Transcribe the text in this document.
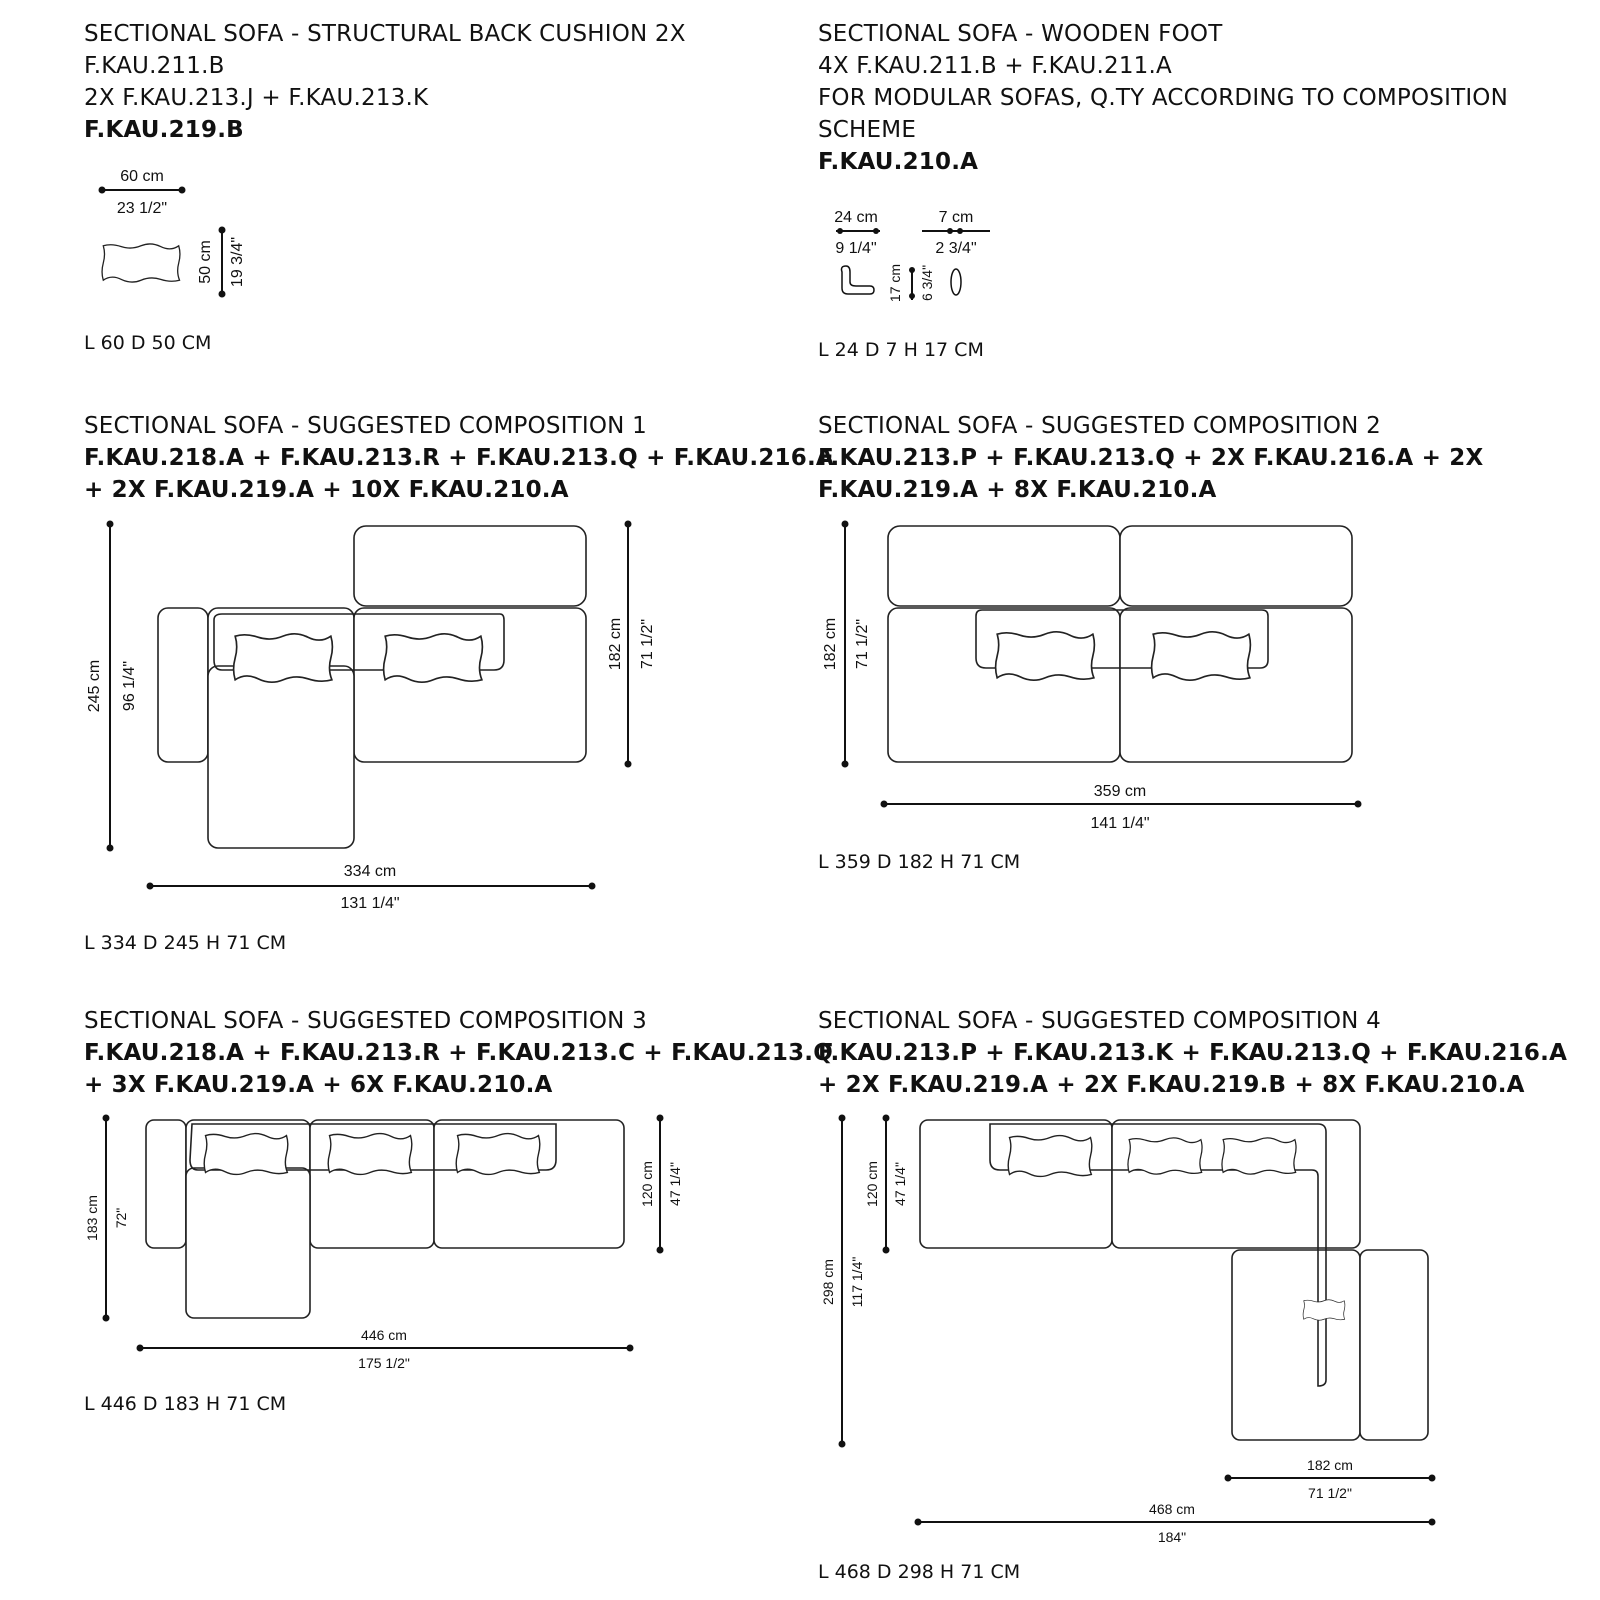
SECTIONAL SOFA - STRUCTURAL BACK CUSHION 2X
F.KAU.211.B
2X F.KAU.213.J + F.KAU.213.K
F.KAU.219.B
L 60 D 50 CM
SECTIONAL SOFA - WOODEN FOOT
4X F.KAU.211.B + F.KAU.211.A
FOR MODULAR SOFAS, Q.TY ACCORDING TO COMPOSITION
SCHEME
F.KAU.210.A
L 24 D 7 H 17 CM
SECTIONAL SOFA - SUGGESTED COMPOSITION 1
F.KAU.218.A + F.KAU.213.R + F.KAU.213.Q + F.KAU.216.A
+ 2X F.KAU.219.A + 10X F.KAU.210.A
L 334 D 245 H 71 CM
SECTIONAL SOFA - SUGGESTED COMPOSITION 2
F.KAU.213.P + F.KAU.213.Q + 2X F.KAU.216.A + 2X
F.KAU.219.A + 8X F.KAU.210.A
L 359 D 182 H 71 CM
SECTIONAL SOFA - SUGGESTED COMPOSITION 3
F.KAU.218.A + F.KAU.213.R + F.KAU.213.C + F.KAU.213.Q
+ 3X F.KAU.219.A + 6X F.KAU.210.A
L 446 D 183 H 71 CM
SECTIONAL SOFA - SUGGESTED COMPOSITION 4
F.KAU.213.P + F.KAU.213.K + F.KAU.213.Q + F.KAU.216.A
+ 2X F.KAU.219.A + 2X F.KAU.219.B + 8X F.KAU.210.A
L 468 D 298 H 71 CM
60 cm
23 1/2"
50 cm 19 3/4"
24 cm
9 1/4"
7 cm
2 3/4"
17 cm 6 3/4"
245 cm 96 1/4"
182 cm 71 1/2"
334 cm
131 1/4"
182 cm 71 1/2"
359 cm
141 1/4"
183 cm 72"
120 cm 47 1/4"
446 cm
175 1/2"
120 cm 47 1/4"
298 cm 117 1/4"
182 cm
71 1/2"
468 cm
184"
